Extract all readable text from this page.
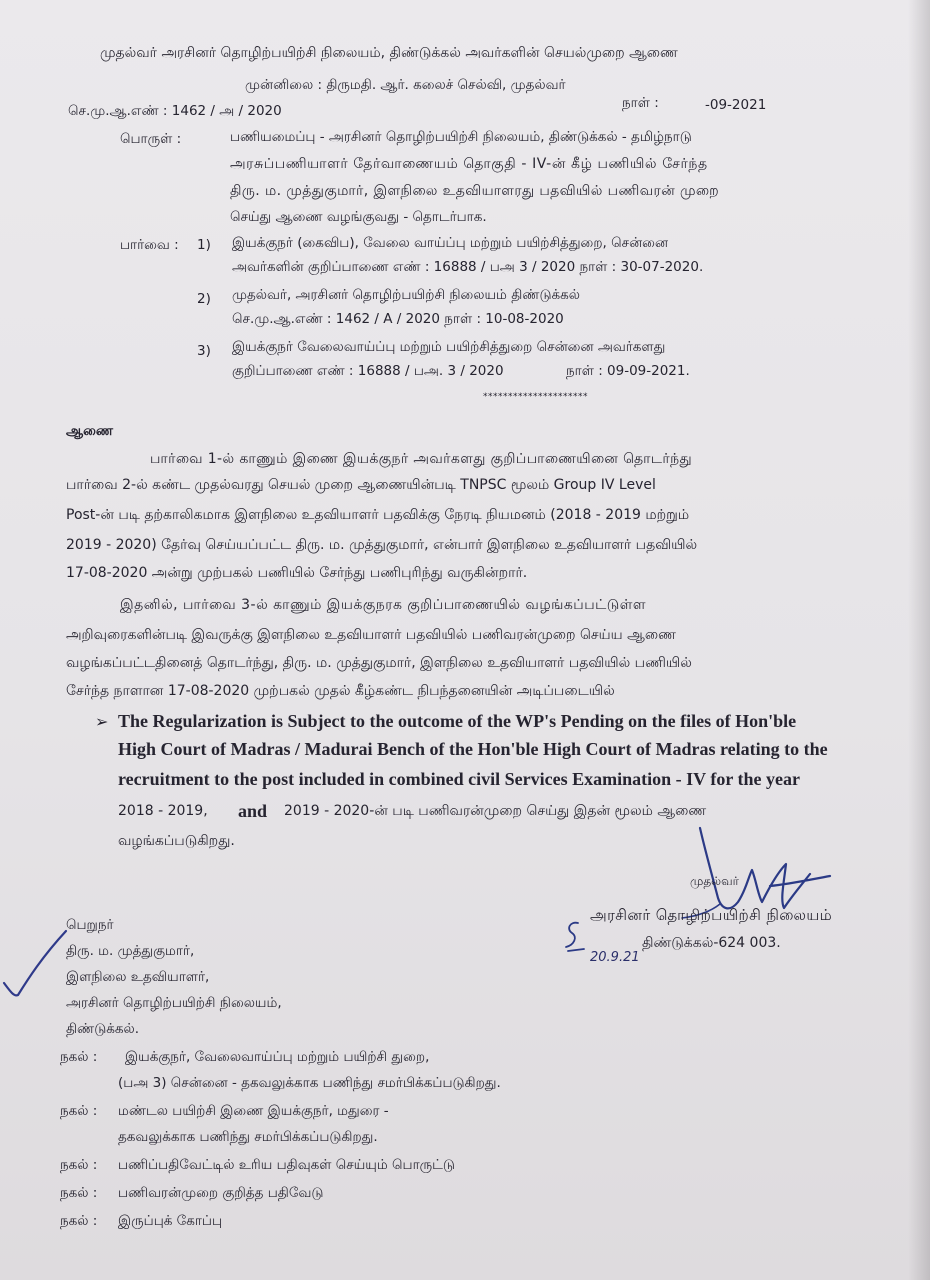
முதல்வர் அரசினர் தொழிற்பயிற்சி நிலையம், திண்டுக்கல் அவர்களின் செயல்முறை ஆணை
முன்னிலை : திருமதி. ஆர். கலைச் செல்வி, முதல்வர்
செ.மு.ஆ.எண் : 1462 / அ / 2020	நாள் :	-09-2021
பொருள் :	பணியமைப்பு - அரசினர் தொழிற்பயிற்சி நிலையம், திண்டுக்கல் - தமிழ்நாடு
அரசுப்பணியாளர் தேர்வாணையம் தொகுதி - IV-ன் கீழ் பணியில் சேர்ந்த
திரு. ம. முத்துகுமார், இளநிலை உதவியாளரது பதவியில் பணிவரன் முறை
செய்து ஆணை வழங்குவது - தொடர்பாக.
பார்வை : 1) இயக்குநர் (கைவிப), வேலை வாய்ப்பு மற்றும் பயிற்சித்துறை, சென்னை
அவர்களின் குறிப்பாணை எண் : 16888 / பஅ 3 / 2020 நாள் : 30-07-2020.
2) முதல்வர், அரசினர் தொழிற்பயிற்சி நிலையம் திண்டுக்கல்
செ.மு.ஆ.எண் : 1462 / A / 2020 நாள் : 10-08-2020
3) இயக்குநர் வேலைவாய்ப்பு மற்றும் பயிற்சித்துறை சென்னை அவர்களது
குறிப்பாணை எண் : 16888 / பஅ. 3 / 2020	நாள் : 09-09-2021.
*********************
ஆணை
பார்வை 1-ல் காணும் இணை இயக்குநர் அவர்களது குறிப்பாணையினை தொடர்ந்து
பார்வை 2-ல் கண்ட முதல்வரது செயல் முறை ஆணையின்படி TNPSC மூலம் Group IV Level
Post-ன் படி தற்காலிகமாக இளநிலை உதவியாளர் பதவிக்கு நேரடி நியமனம் (2018 - 2019 மற்றும்
2019 - 2020) தேர்வு செய்யப்பட்ட திரு. ம. முத்துகுமார், என்பார் இளநிலை உதவியாளர் பதவியில்
17-08-2020 அன்று முற்பகல் பணியில் சேர்ந்து பணிபுரிந்து வருகின்றார்.
இதனில், பார்வை 3-ல் காணும் இயக்குநரக குறிப்பாணையில் வழங்கப்பட்டுள்ள
அறிவுரைகளின்படி இவருக்கு இளநிலை உதவியாளர் பதவியில் பணிவரன்முறை செய்ய ஆணை
வழங்கப்பட்டதினைத் தொடர்ந்து, திரு. ம. முத்துகுமார், இளநிலை உதவியாளர் பதவியில் பணியில்
சேர்ந்த நாளான 17-08-2020 முற்பகல் முதல் கீழ்கண்ட நிபந்தனையின் அடிப்படையில்
➢ The Regularization is Subject to the outcome of the WP's Pending on the files of Hon'ble
High Court of Madras / Madurai Bench of the Hon'ble High Court of Madras relating to the
recruitment to the post included in combined civil Services Examination - IV for the year
2018 - 2019, and 2019 - 2020-ன் படி பணிவரன்முறை செய்து இதன் மூலம் ஆணை
வழங்கப்படுகிறது.
முதல்வர்
அரசினர் தொழிற்பயிற்சி நிலையம்
திண்டுக்கல்-624 003.
20.9.21
பெறுநர்
திரு. ம. முத்துகுமார்,
இளநிலை உதவியாளர்,
அரசினர் தொழிற்பயிற்சி நிலையம்,
திண்டுக்கல்.
நகல் : இயக்குநர், வேலைவாய்ப்பு மற்றும் பயிற்சி துறை,
(பஅ 3) சென்னை - தகவலுக்காக பணிந்து சமர்பிக்கப்படுகிறது.
நகல் : மண்டல பயிற்சி இணை இயக்குநர், மதுரை -
தகவலுக்காக பணிந்து சமர்பிக்கப்படுகிறது.
நகல் : பணிப்பதிவேட்டில் உரிய பதிவுகள் செய்யும் பொருட்டு
நகல் : பணிவரன்முறை குறித்த பதிவேடு
நகல் : இருப்புக் கோப்பு
